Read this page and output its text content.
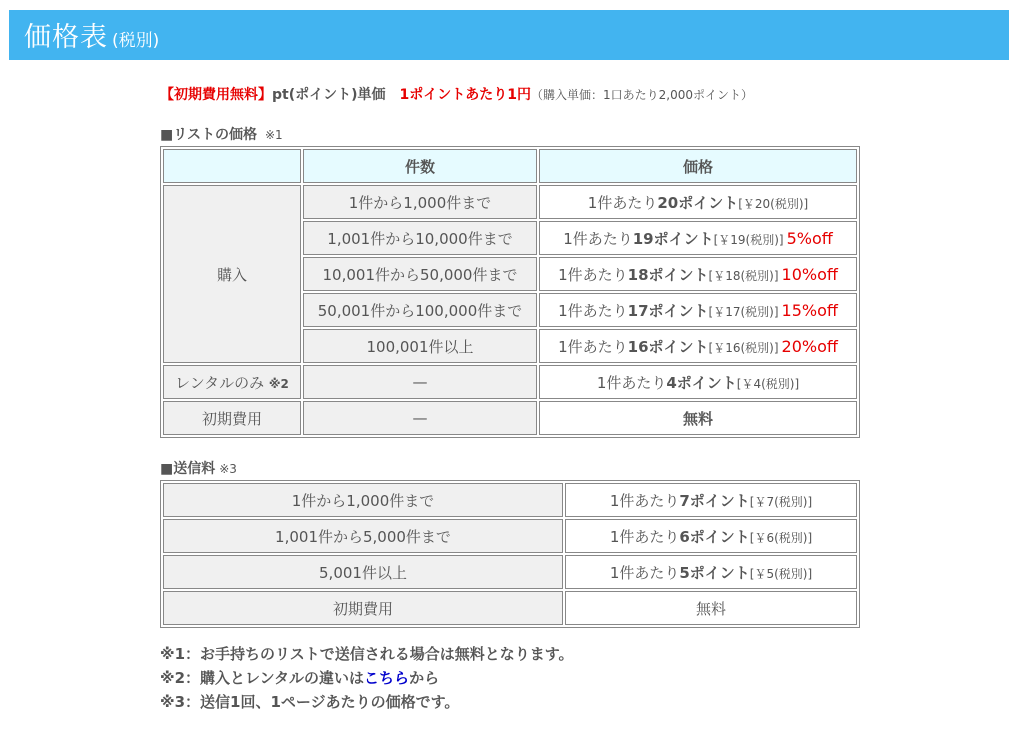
価格表 (税別)
【初期費用無料】pt(ポイント)単価 1ポイントあたり1円（購入単価：1口あたり2,000ポイント）
■リストの価格 ※1
	件数	価格
購入	1件から1,000件まで	1件あたり20ポイント[￥20(税別)]
	1,001件から10,000件まで	1件あたり19ポイント[￥19(税別)] 5%off
	10,001件から50,000件まで	1件あたり18ポイント[￥18(税別)] 10%off
	50,001件から100,000件まで	1件あたり17ポイント[￥17(税別)] 15%off
	100,001件以上	1件あたり16ポイント[￥16(税別)] 20%off
レンタルのみ ※2	—	1件あたり4ポイント[￥4(税別)]
初期費用	—	無料
■送信料 ※3
1件から1,000件まで	1件あたり7ポイント[￥7(税別)]
1,001件から5,000件まで	1件あたり6ポイント[￥6(税別)]
5,001件以上	1件あたり5ポイント[￥5(税別)]
初期費用	無料
※1：お手持ちのリストで送信される場合は無料となります。
※2：購入とレンタルの違いはこちらから
※3：送信1回、1ページあたりの価格です。
